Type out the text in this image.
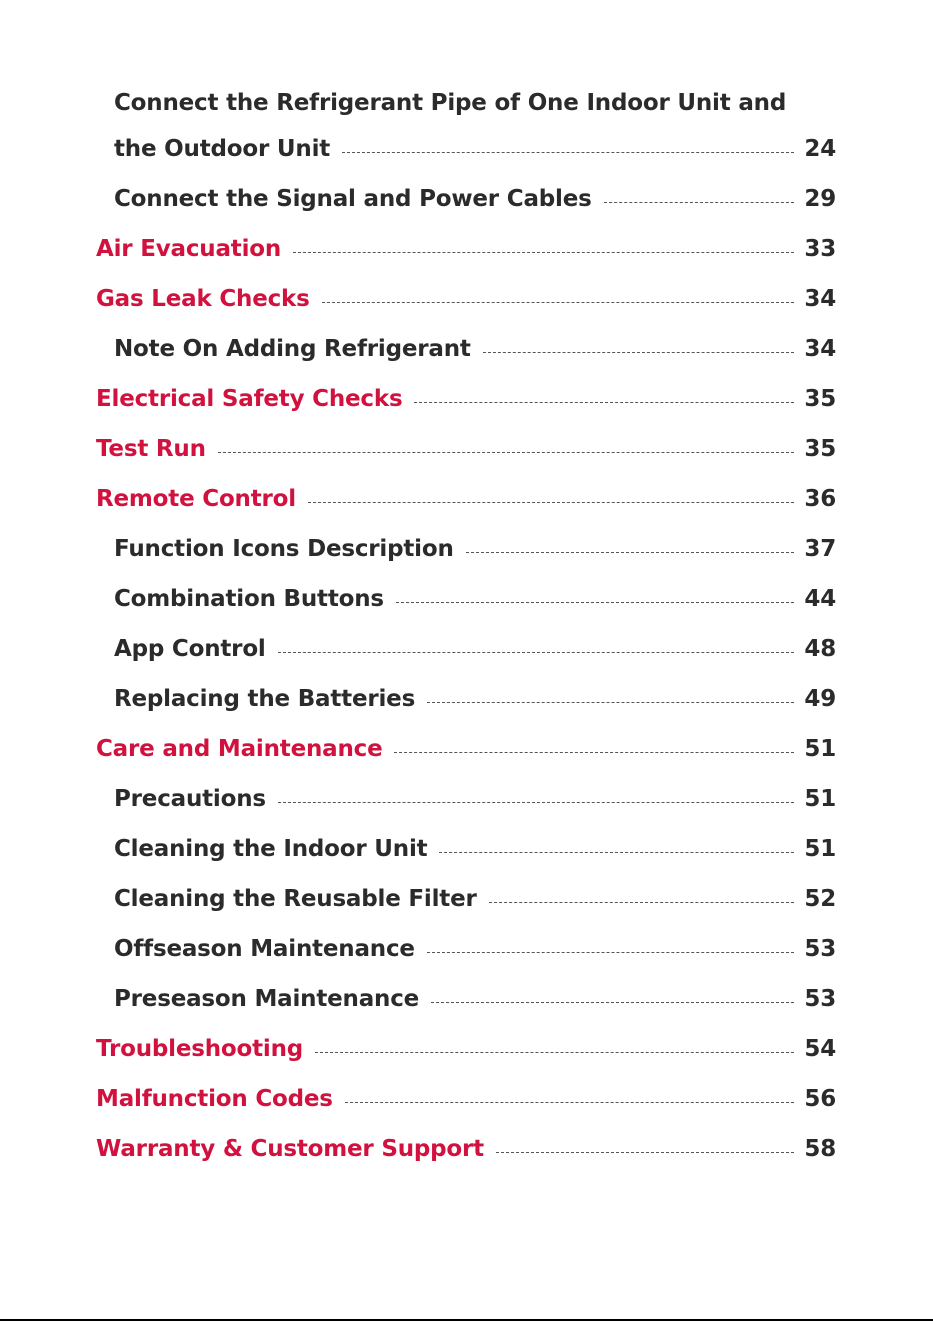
Connect the Refrigerant Pipe of One Indoor Unit and
the Outdoor Unit	24
Connect the Signal and Power Cables	29
Air Evacuation	33
Gas Leak Checks	34
Note On Adding Refrigerant	34
Electrical Safety Checks	35
Test Run	35
Remote Control	36
Function Icons Description	37
Combination Buttons	44
App Control	48
Replacing the Batteries	49
Care and Maintenance	51
Precautions	51
Cleaning the Indoor Unit	51
Cleaning the Reusable Filter	52
Offseason Maintenance	53
Preseason Maintenance	53
Troubleshooting	54
Malfunction Codes	56
Warranty & Customer Support	58
